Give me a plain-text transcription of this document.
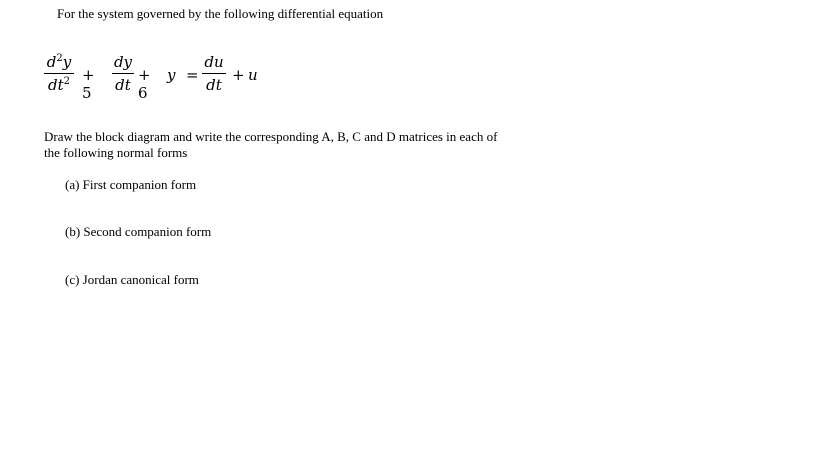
For the system governed by the following differential equation
$d^2y$
$dt^2 + 5$
dy
dt
+ 6
y =
du
dt
+ u
Draw the block diagram and write the corresponding A, B, C and D matrices in each of
the following normal forms
(a) First companion form
(b) Second companion form
(c) Jordan canonical form
